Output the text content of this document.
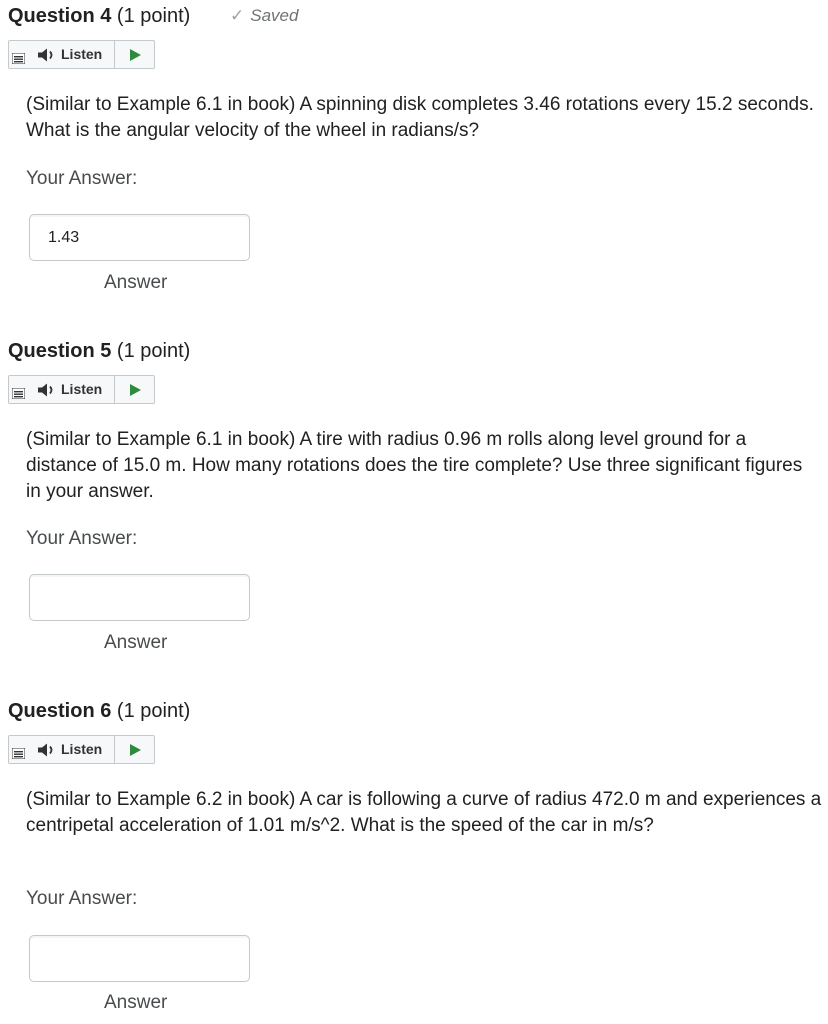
Question 4 (1 point) ✓ Saved
Listen
(Similar to Example 6.1 in book) A spinning disk completes 3.46 rotations every 15.2 seconds. What is the angular velocity of the wheel in radians/s?
Your Answer:
1.43
Answer
Question 5 (1 point)
Listen
(Similar to Example 6.1 in book) A tire with radius 0.96 m rolls along level ground for a distance of 15.0 m. How many rotations does the tire complete? Use three significant figures in your answer.
Your Answer:
Answer
Question 6 (1 point)
Listen
(Similar to Example 6.2 in book) A car is following a curve of radius 472.0 m and experiences a centripetal acceleration of 1.01 m/s^2. What is the speed of the car in m/s?
Your Answer:
Answer
